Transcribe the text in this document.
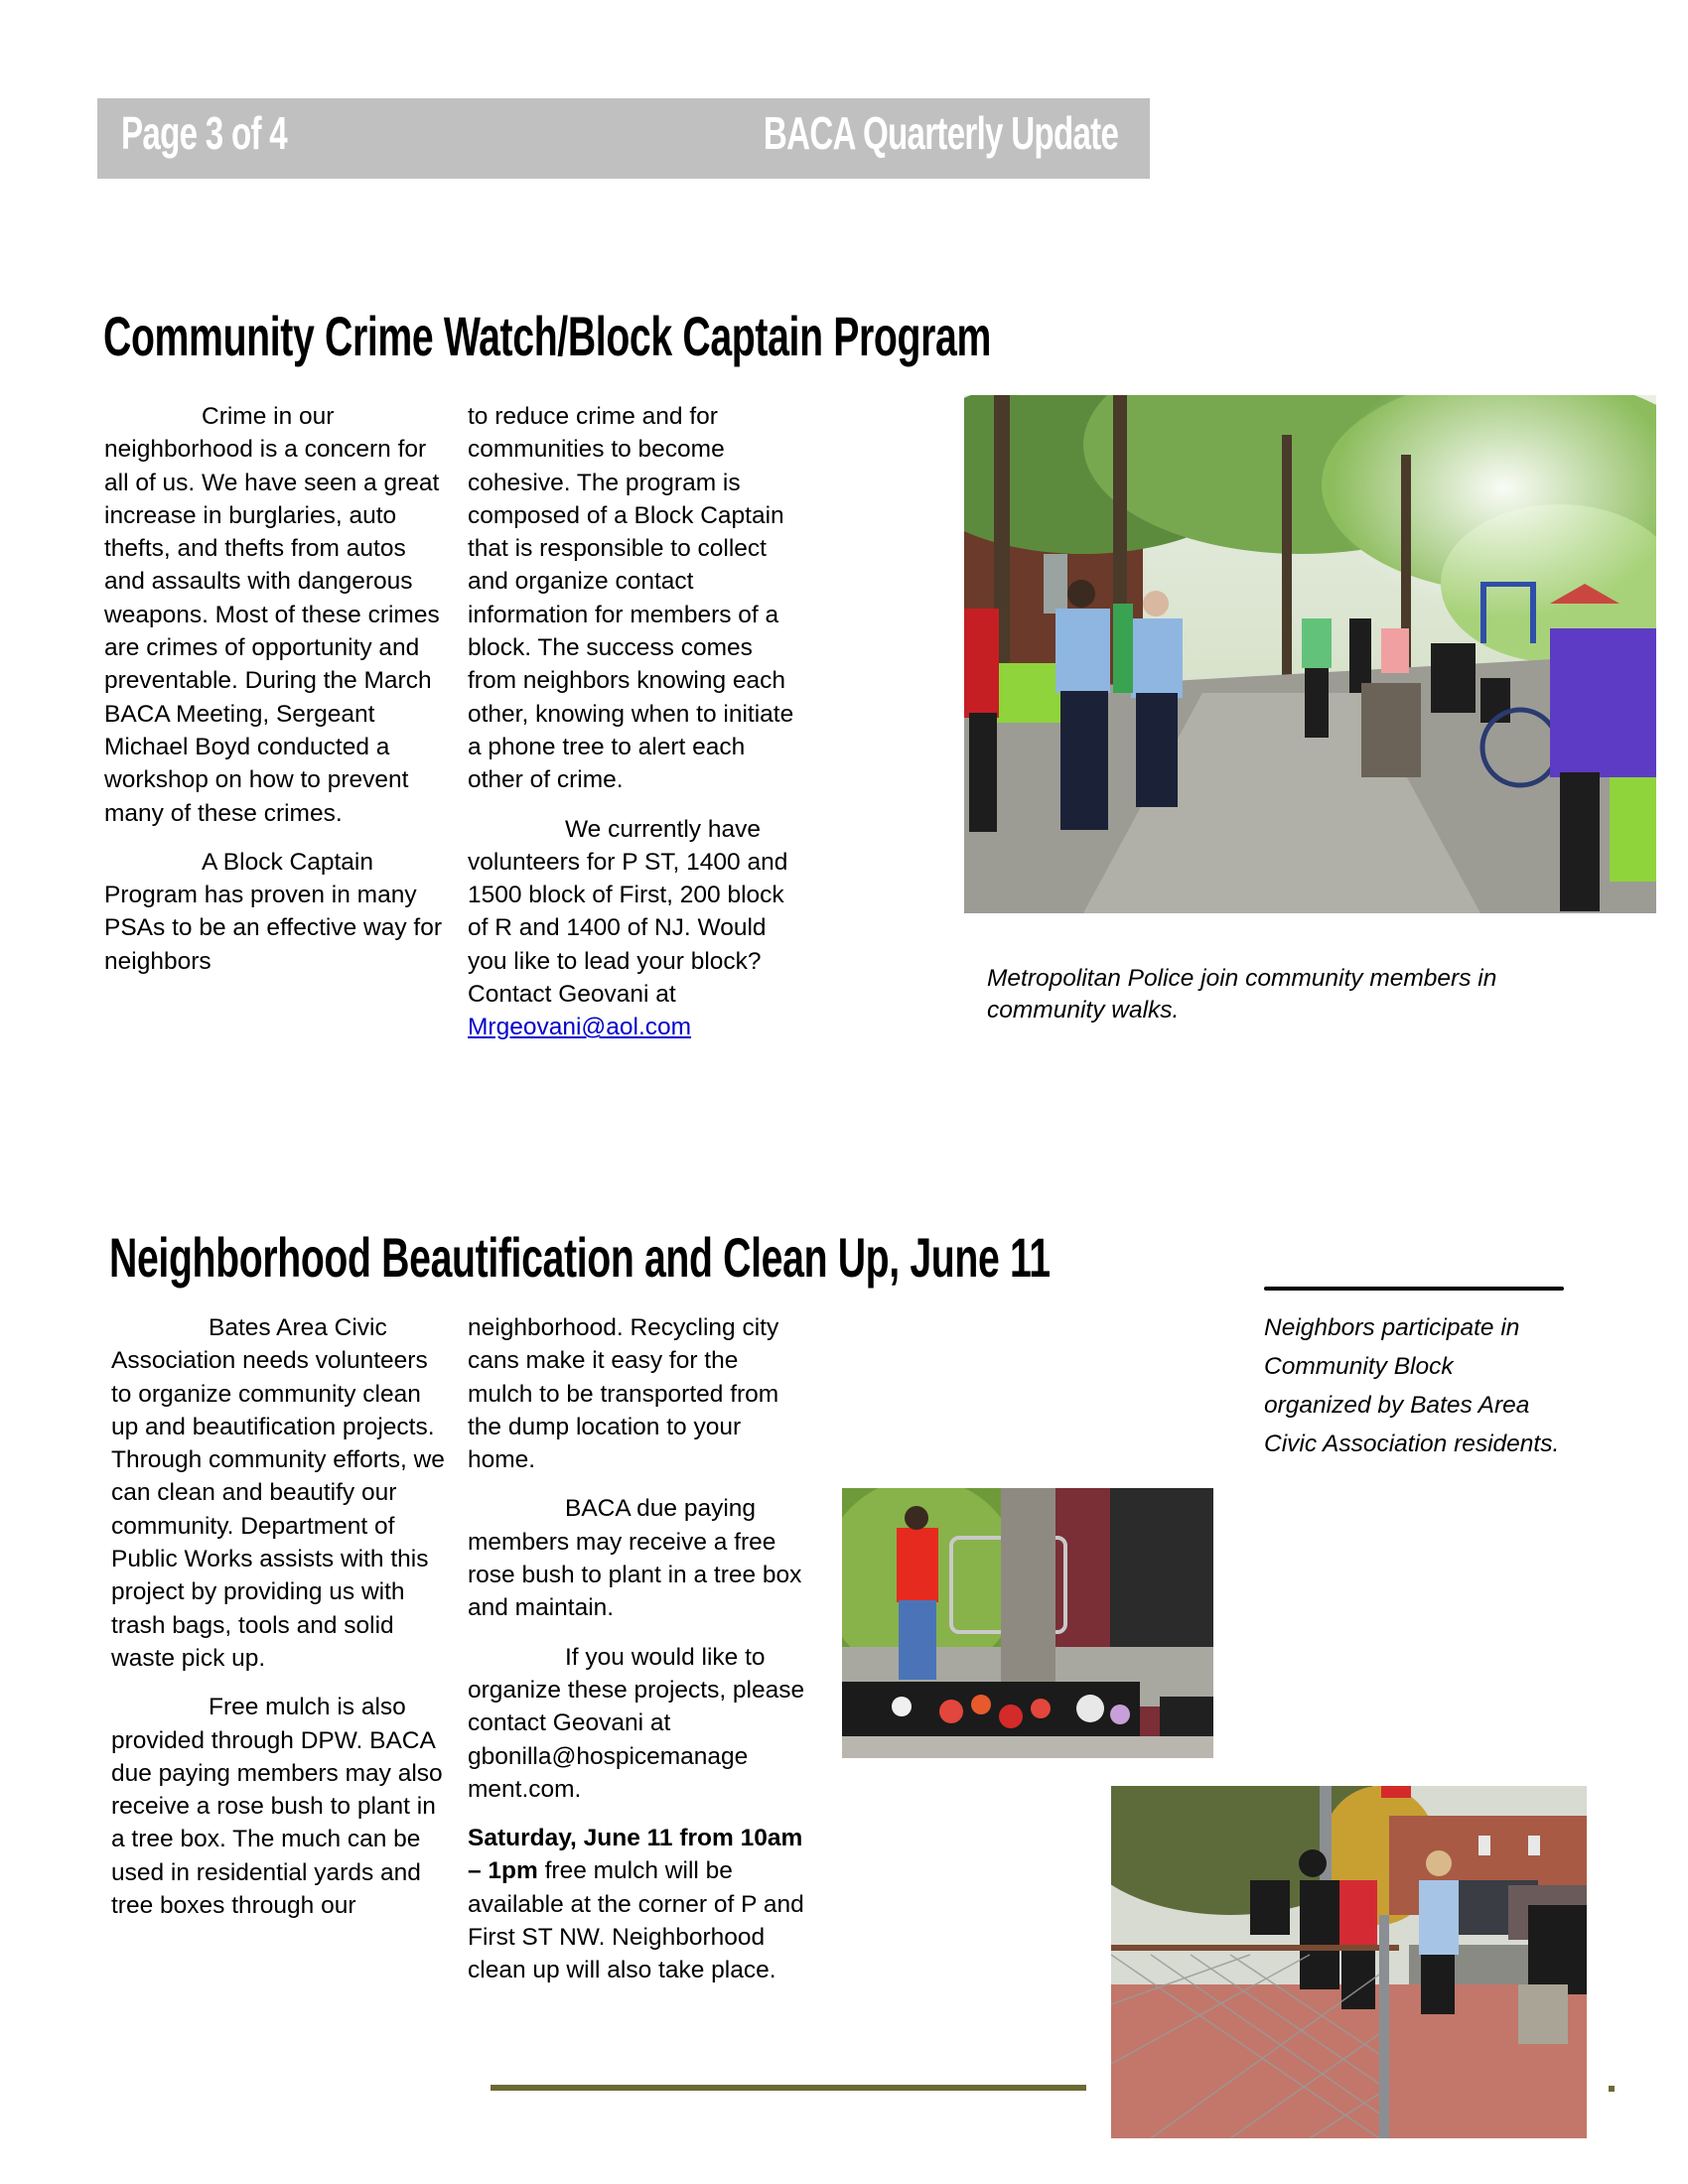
Page 3 of 4	BACA Quarterly Update
Community Crime Watch/Block Captain Program

Crime in our neighborhood is a concern for all of us. We have seen a great increase in burglaries, auto thefts, and thefts from autos and assaults with dangerous weapons. Most of these crimes are crimes of opportunity and preventable. During the March BACA Meeting, Sergeant Michael Boyd conducted a workshop on how to prevent many of these crimes.

A Block Captain Program has proven in many PSAs to be an effective way for neighbors

to reduce crime and for communities to become cohesive. The program is composed of a Block Captain that is responsible to collect and organize contact information for members of a block. The success comes from neighbors knowing each other, knowing when to initiate a phone tree to alert each other of crime.

We currently have volunteers for P ST, 1400 and 1500 block of First, 200 block of R and 1400 of NJ. Would you like to lead your block? Contact Geovani at
Mrgeovani@aol.com

Metropolitan Police join community members in community walks.
Neighborhood Beautification and Clean Up, June 11

Bates Area Civic Association needs volunteers to organize community clean up and beautification projects. Through community efforts, we can clean and beautify our community. Department of Public Works assists with this project by providing us with trash bags, tools and solid waste pick up.

Free mulch is also provided through DPW. BACA due paying members may also receive a rose bush to plant in a tree box. The much can be used in residential yards and tree boxes through our

neighborhood. Recycling city cans make it easy for the mulch to be transported from the dump location to your home.

BACA due paying members may receive a free rose bush to plant in a tree box and maintain.

If you would like to organize these projects, please contact Geovani at gbonilla@hospicemanage ment.com.

Saturday, June 11 from 10am – 1pm free mulch will be available at the corner of P and First ST NW. Neighborhood clean up will also take place.

Neighbors participate in Community Block organized by Bates Area Civic Association residents.
